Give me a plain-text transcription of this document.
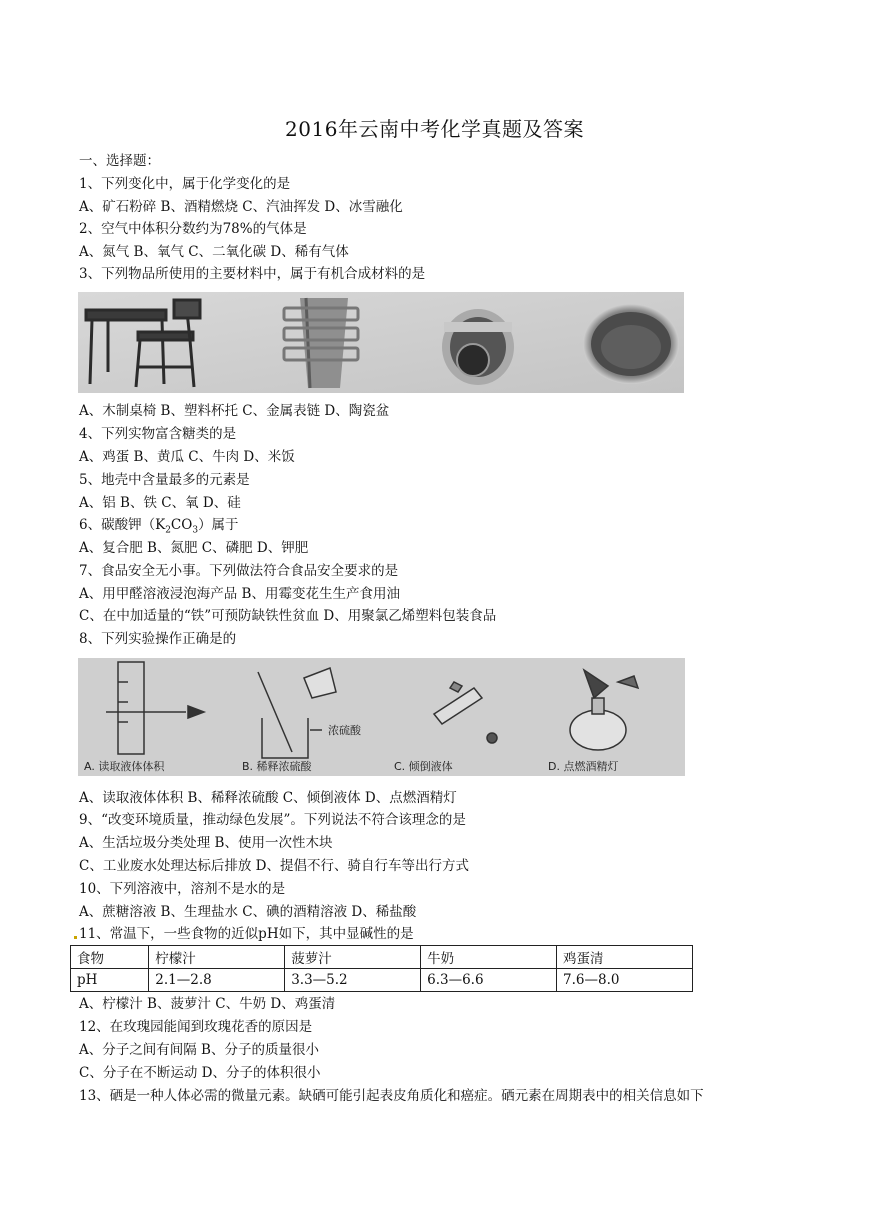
2016年云南中考化学真题及答案
一、选择题：
1、下列变化中，属于化学变化的是
A、矿石粉碎 B、酒精燃烧 C、汽油挥发 D、冰雪融化
2、空气中体积分数约为78%的气体是
A、氮气 B、氧气 C、二氧化碳 D、稀有气体
3、下列物品所使用的主要材料中，属于有机合成材料的是
A、木制桌椅 B、塑料杯托 C、金属表链 D、陶瓷盆
4、下列实物富含糖类的是
A、鸡蛋 B、黄瓜 C、牛肉 D、米饭
5、地壳中含量最多的元素是
A、铝 B、铁 C、氧 D、硅
6、碳酸钾$(K_2CO_3)$属于
A、复合肥 B、氮肥 C、磷肥 D、钾肥
7、食品安全无小事。下列做法符合食品安全要求的是
A、用甲醛溶液浸泡海产品 B、用霉变花生生产食用油
C、在中加适量的“铁”可预防缺铁性贫血 D、用聚氯乙烯塑料包装食品
8、下列实验操作正确是的
浓硫酸
A. 读取液体体积	B. 稀释浓硫酸	C. 倾倒液体	D. 点燃酒精灯
A、读取液体体积 B、稀释浓硫酸 C、倾倒液体 D、点燃酒精灯
9、“改变环境质量，推动绿色发展”。下列说法不符合该理念的是
A、生活垃圾分类处理 B、使用一次性木块
C、工业废水处理达标后排放 D、提倡不行、骑自行车等出行方式
10、下列溶液中，溶剂不是水的是
A、蔗糖溶液 B、生理盐水 C、碘的酒精溶液 D、稀盐酸
11、常温下，一些食物的近似pH如下，其中显碱性的是
食物	柠檬汁	菠萝汁	牛奶	鸡蛋清
pH	2.1—2.8	3.3—5.2	6.3—6.6	7.6—8.0
A、柠檬汁 B、菠萝汁 C、牛奶 D、鸡蛋清
12、在玫瑰园能闻到玫瑰花香的原因是
A、分子之间有间隔 B、分子的质量很小
C、分子在不断运动 D、分子的体积很小
13、硒是一种人体必需的微量元素。缺硒可能引起表皮角质化和癌症。硒元素在周期表中的相关信息如下
